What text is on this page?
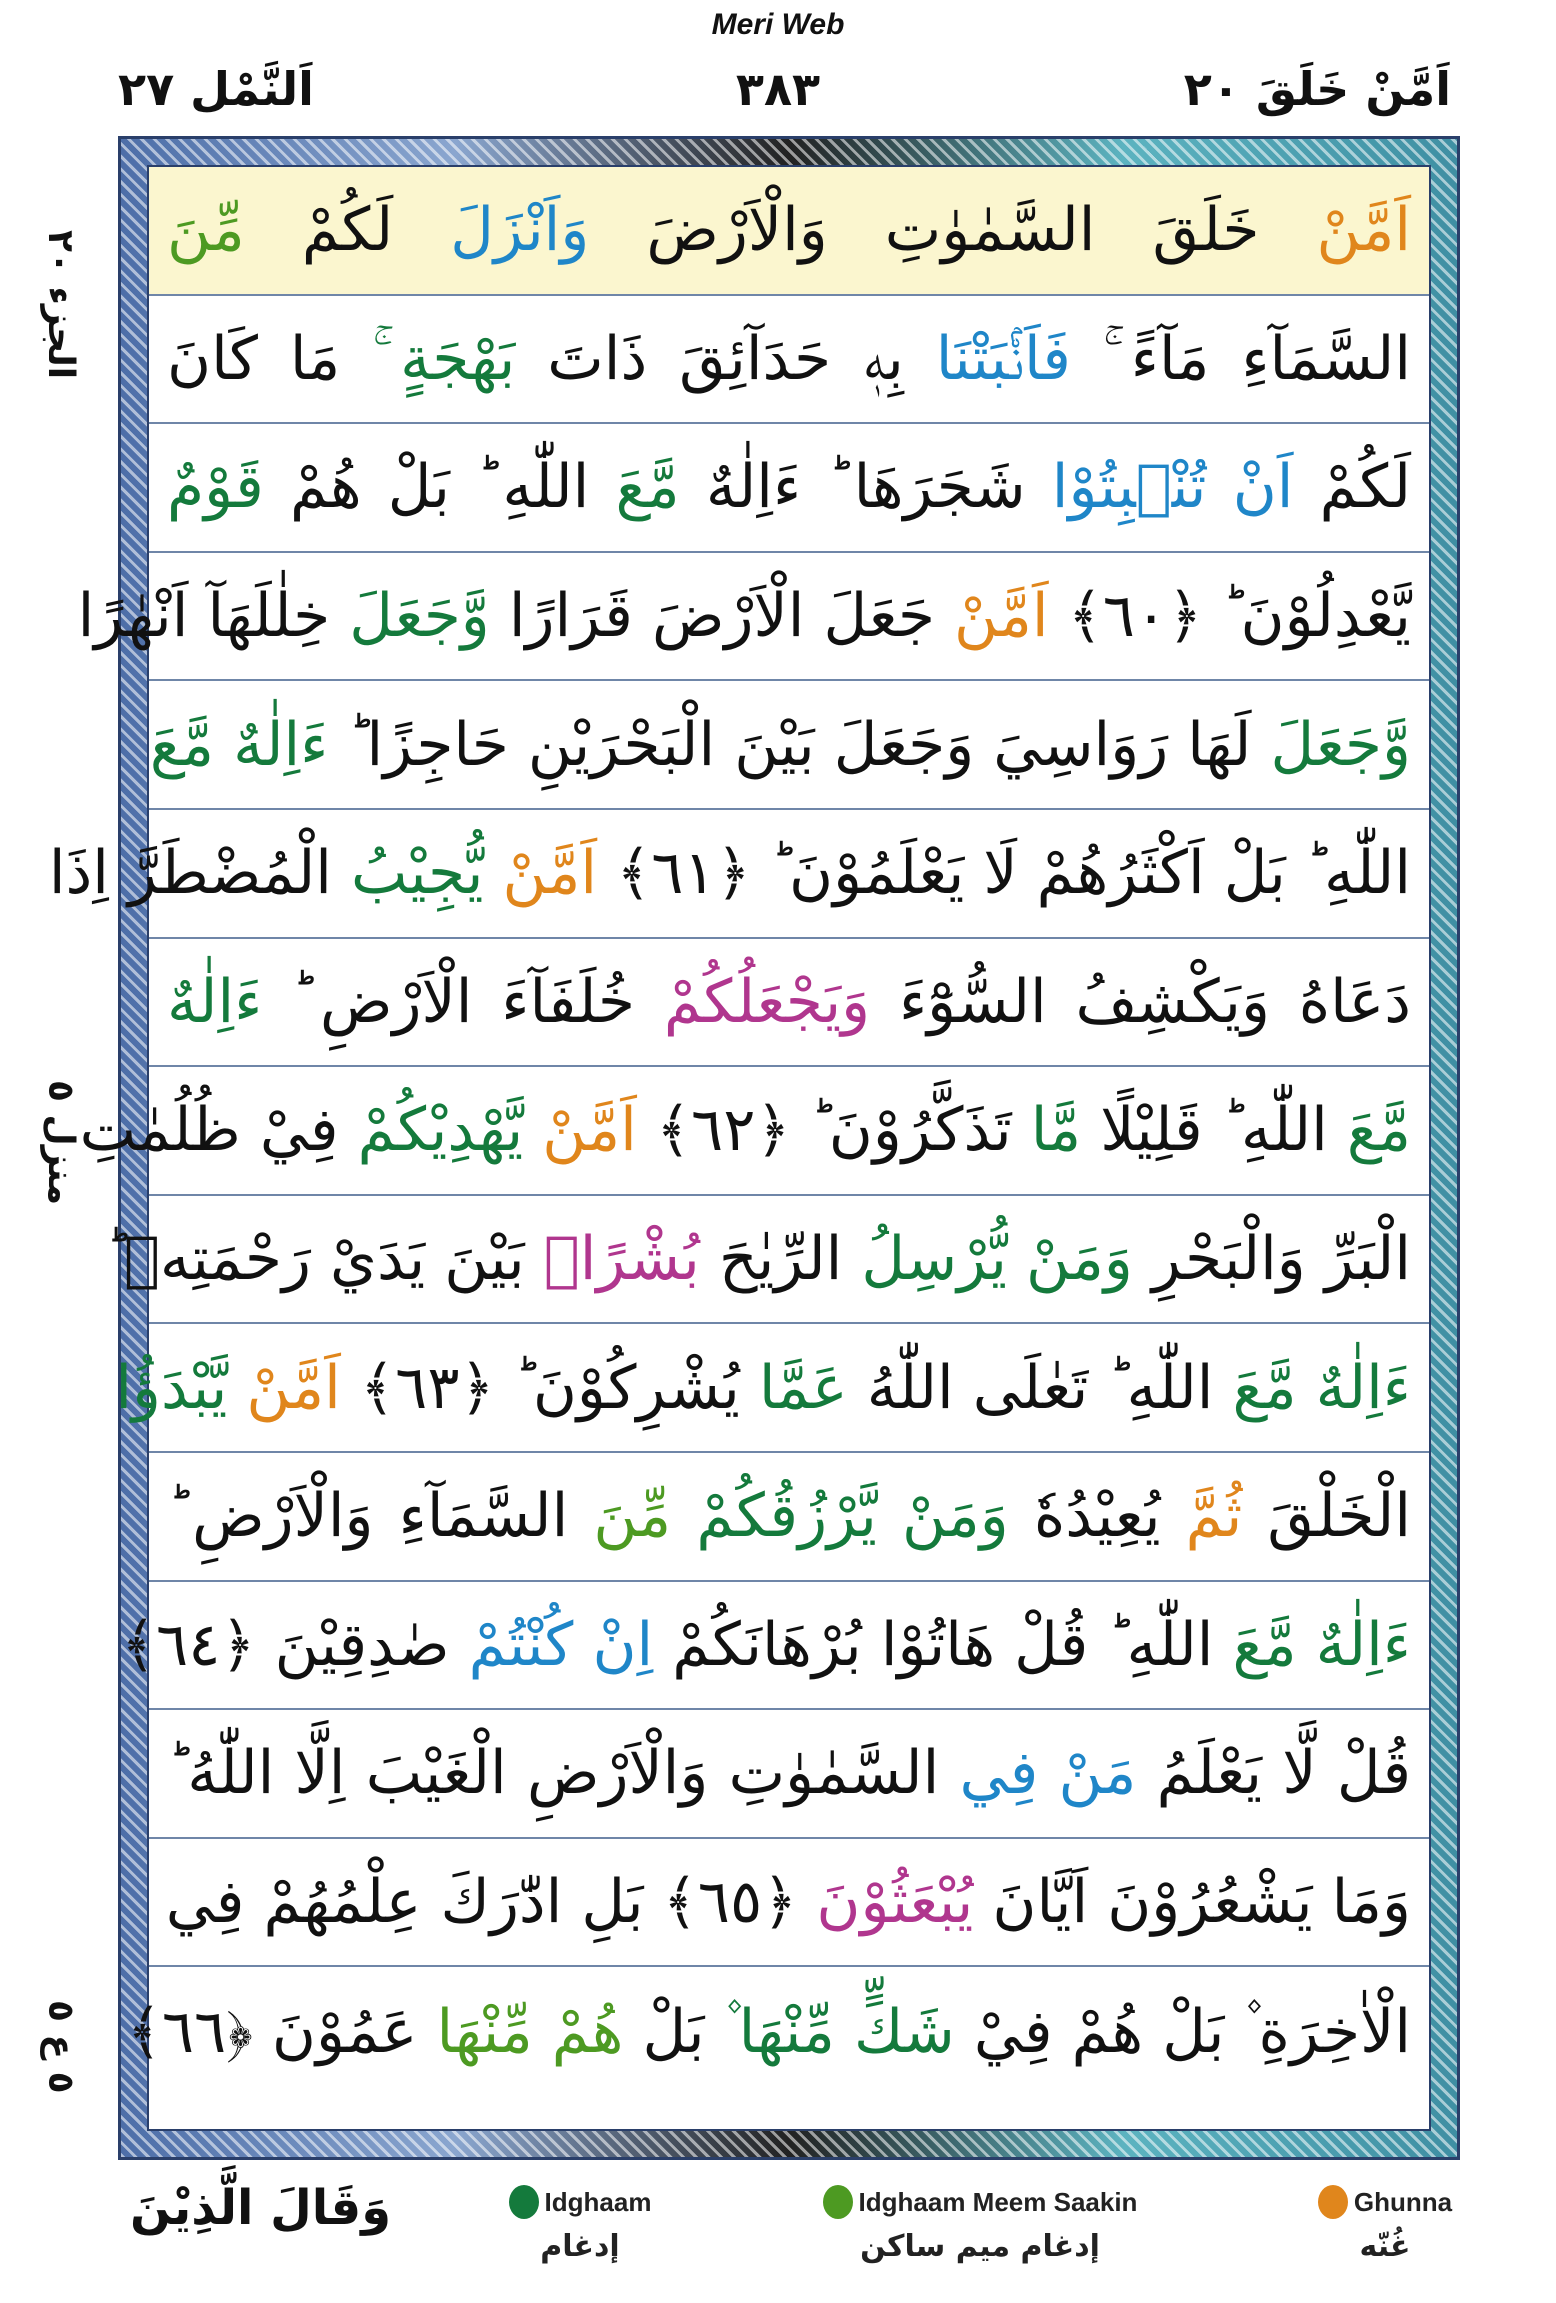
Meri Web
اَمَّنْ خَلَقَ ٢٠
٣٨٣
اَلنَّمْل ٢٧
الجزء ٢٠
منزل ٥
٥ ع ٥
اَمَّنْ خَلَقَ السَّمٰوٰتِ وَالْاَرْضَ وَاَنْزَلَ لَكُمْ مِّنَ
السَّمَآءِ مَآءً ۚ فَاَنْۢبَتْنَا بِهٖ حَدَآئِقَ ذَاتَ بَهْجَةٍ ۚ مَا كَانَ
لَكُمْ اَنْ تُنْۢبِتُوْا شَجَرَهَا ؕ ءَاِلٰهٌ مَّعَ اللّٰهِ ؕ بَلْ هُمْ قَوْمٌ
يَّعْدِلُوْنَ ؕ ﴿٦٠﴾ اَمَّنْ جَعَلَ الْاَرْضَ قَرَارًا وَّجَعَلَ خِلٰلَهَآ اَنْهٰرًا
وَّجَعَلَ لَهَا رَوَاسِيَ وَجَعَلَ بَيْنَ الْبَحْرَيْنِ حَاجِزًا ؕ ءَاِلٰهٌ مَّعَ
اللّٰهِ ؕ بَلْ اَكْثَرُهُمْ لَا يَعْلَمُوْنَ ؕ ﴿٦١﴾ اَمَّنْ يُّجِيْبُ الْمُضْطَرَّ اِذَا
دَعَاهُ وَيَكْشِفُ السُّوْٓءَ وَيَجْعَلُكُمْ خُلَفَآءَ الْاَرْضِ ؕ ءَاِلٰهٌ
مَّعَ اللّٰهِ ؕ قَلِيْلًا مَّا تَذَكَّرُوْنَ ؕ ﴿٦٢﴾ اَمَّنْ يَّهْدِيْكُمْ فِيْ ظُلُمٰتِ
الْبَرِّ وَالْبَحْرِ وَمَنْ يُّرْسِلُ الرِّيٰحَ بُشْرًاۢ بَيْنَ يَدَيْ رَحْمَتِهٖ ؕ
ءَاِلٰهٌ مَّعَ اللّٰهِ ؕ تَعٰلَى اللّٰهُ عَمَّا يُشْرِكُوْنَ ؕ ﴿٦٣﴾ اَمَّنْ يَّبْدَؤُا
الْخَلْقَ ثُمَّ يُعِيْدُهٗ وَمَنْ يَّرْزُقُكُمْ مِّنَ السَّمَآءِ وَالْاَرْضِ ؕ
ءَاِلٰهٌ مَّعَ اللّٰهِ ؕ قُلْ هَاتُوْا بُرْهَانَكُمْ اِنْ كُنْتُمْ صٰدِقِيْنَ ﴿٦٤﴾
قُلْ لَّا يَعْلَمُ مَنْ فِي السَّمٰوٰتِ وَالْاَرْضِ الْغَيْبَ اِلَّا اللّٰهُ ؕ
وَمَا يَشْعُرُوْنَ اَيَّانَ يُبْعَثُوْنَ ﴿٦٥﴾ بَلِ ادّٰرَكَ عِلْمُهُمْ فِي
الْاٰخِرَةِ ۫ بَلْ هُمْ فِيْ شَكٍّ مِّنْهَا ۫ بَلْ هُمْ مِّنْهَا عَمُوْنَ ﴿٦٦﴾
وَقَالَ الَّذِيْنَ	Idghaam
إدغام
Idghaam Meem Saakin
إدغام ميم ساكن
Ghunna
غُنّه
